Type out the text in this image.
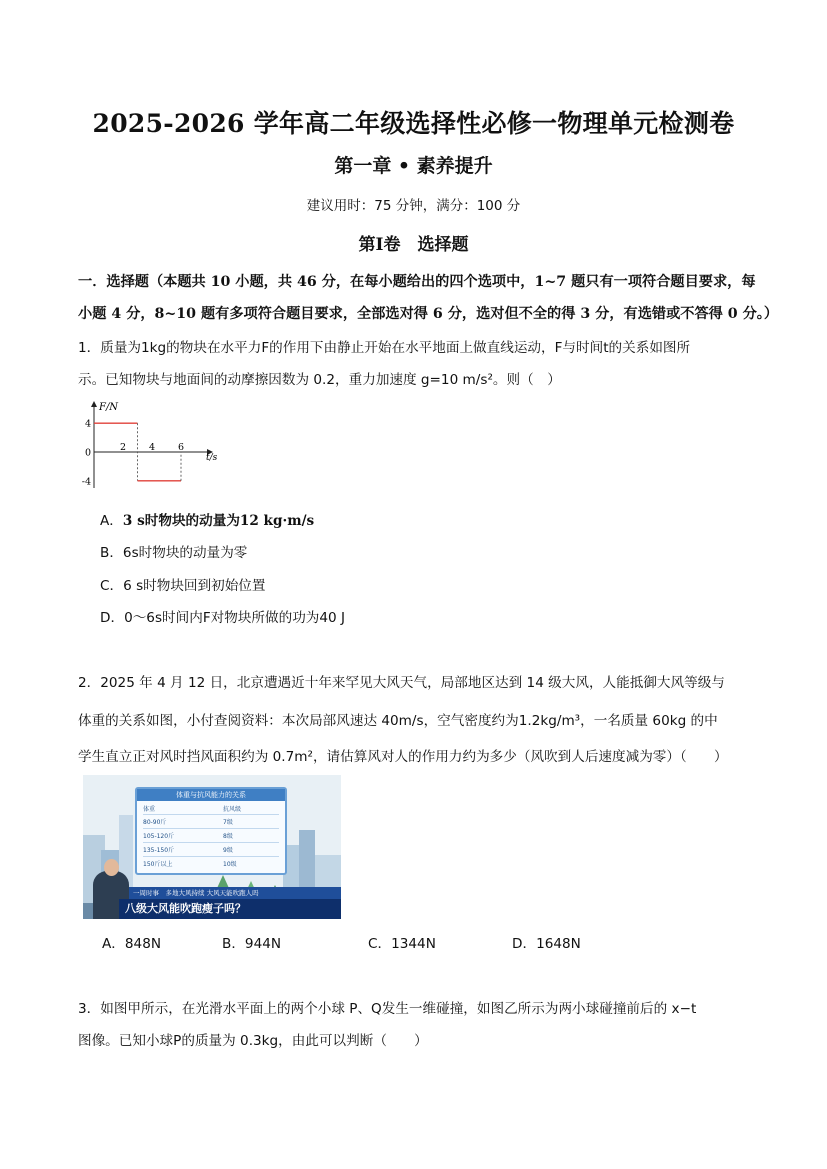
2025-2026 学年高二年级选择性必修一物理单元检测卷
第一章 • 素养提升
建议用时：75 分钟，满分：100 分
第Ⅰ卷　选择题
一．选择题（本题共 10 小题，共 46 分，在每小题给出的四个选项中，1~7 题只有一项符合题目要求，每
小题 4 分，8~10 题有多项符合题目要求，全部选对得 6 分，选对但不全的得 3 分，有选错或不答得 0 分。）
1．质量为1kg的物块在水平力F的作用下由静止开始在水平地面上做直线运动，F与时间t的关系如图所
示。已知物块与地面间的动摩擦因数为 0.2，重力加速度 g=10 m/s²。则（　）
F/N
t/s
4
0
-4
2 4 6
A．3 s时物块的动量为12 kg·m/s
B．6s时物块的动量为零
C．6 s时物块回到初始位置
D．0～6s时间内F对物块所做的功为40 J
2．2025 年 4 月 12 日，北京遭遇近十年来罕见大风天气，局部地区达到 14 级大风，人能抵御大风等级与
体重的关系如图，小付查阅资料：本次局部风速达 40m/s，空气密度约为1.2kg/m³，一名质量 60kg 的中
学生直立正对风时挡风面积约为 0.7m²，请估算风对人的作用力约为多少（风吹到人后速度减为零）（　　）
体重与抗风能力的关系
体重	抗风级
80-90斤	7级
105-120斤	8级
135-150斤	9级
150斤以上	10级
一周时事　多地大风持续 大风天能吹跑人吗
八级大风能吹跑瘦子吗？
A．848N	B．944N	C．1344N	D．1648N
3．如图甲所示，在光滑水平面上的两个小球 P、Q发生一维碰撞，如图乙所示为两小球碰撞前后的 x−t
图像。已知小球P的质量为 0.3kg，由此可以判断（　　）
